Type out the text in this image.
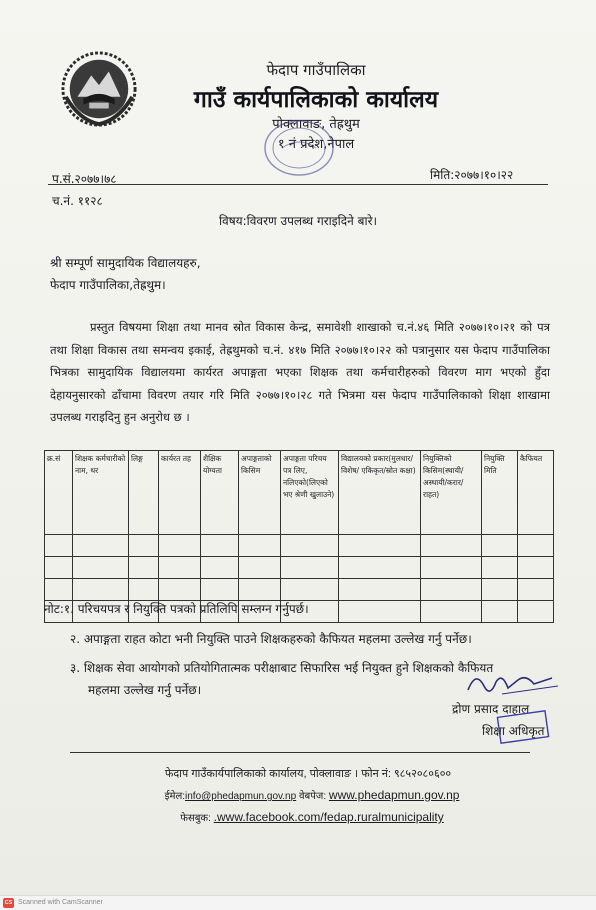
फेदाप गाउँपालिका
गाउँ कार्यपालिकाको कार्यालय
पोक्लावाङ, तेह्रथुम
१ नं प्रदेश,नेपाल
प.सं.२०७७।७८
च.नं. ११२८
मिति:२०७७।१०।२२
विषय:विवरण उपलब्ध गराइदिने बारे।
श्री सम्पूर्ण सामुदायिक विद्यालयहरु,
फेदाप गाउँपालिका,तेह्रथुम।
प्रस्तुत विषयमा शिक्षा तथा मानव स्रोत विकास केन्द्र, समावेशी शाखाको च.नं.४६ मिति २०७७।१०।२१ को पत्र तथा शिक्षा विकास तथा समन्वय इकाई, तेह्रथुमको च.नं. ४१७ मिति २०७७।१०।२२ को पत्रानुसार यस फेदाप गाउँपालिका भित्रका सामुदायिक विद्यालयमा कार्यरत अपाङ्गता भएका शिक्षक तथा कर्मचारीहरुको विवरण माग भएको हुँदा देहायनुसारको ढाँचामा विवरण तयार गरि मिति २०७७।१०।२८ गते भित्रमा यस फेदाप गाउँपालिकाको शिक्षा शाखामा उपलब्ध गराइदिनु हुन अनुरोध छ ।
क्र.सं	शिक्षक कर्मचारीको नाम, थर	लिङ्ग	कार्यरत तह	शैक्षिक योग्यता	अपाङ्गताको किसिम	अपाङ्गता परिचय पत्र लिए, नलिएको(लिएको भए श्रेणी खुलाउने)	विद्यालयको प्रकार(मुलधार/विशेष/ एकिकृत/स्रोत कक्षा)	नियुक्तिको किसिम(स्थायी/ अस्थायी/करार/ राहत)	नियुक्ति मिति	कैफियत

नोट:१. परिचयपत्र र नियुक्ति पत्रको प्रतिलिपि सम्लग्न गर्नुपर्छ।
२. अपाङ्गता राहत कोटा भनी नियुक्ति पाउने शिक्षकहरुको कैफियत महलमा उल्लेख गर्नु पर्नेछ।
३. शिक्षक सेवा आयोगको प्रतियोगितात्मक परीक्षाबाट सिफारिस भई नियुक्त हुने शिक्षकको कैफियत
महलमा उल्लेख गर्नु पर्नेछ।
द्रोण प्रसाद दाहाल
शिक्षा अधिकृत
फेदाप गाउँकार्यपालिकाको कार्यालय, पोक्लावाङ । फोन नं: ९८५२०८०६००
ईमेल:info@phedapmun.gov.np वेबपेज: www.phedapmun.gov.np
फेसबुक: .www.facebook.com/fedap.ruralmunicipality
CS Scanned with CamScanner
